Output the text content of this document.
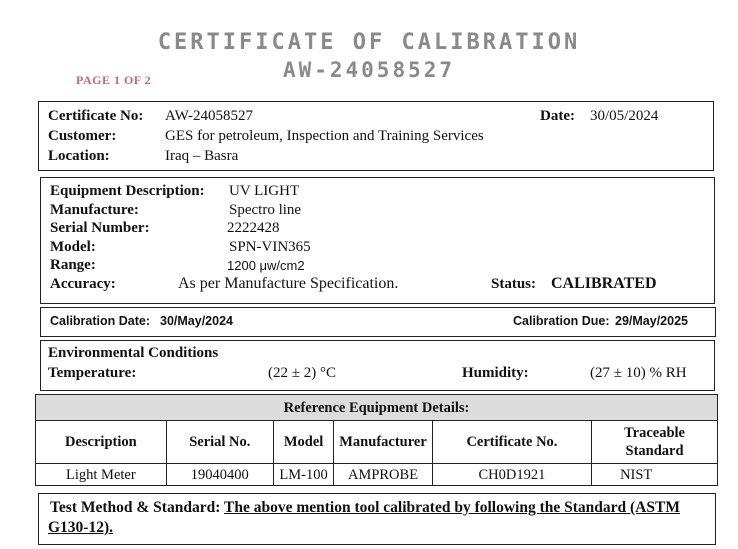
CERTIFICATE OF CALIBRATION
AW-24058527
PAGE 1 OF 2
Certificate No: AW-24058527	Date: 30/05/2024
Customer:	GES for petroleum, Inspection and Training Services
Location:	Iraq – Basra
Equipment Description: UV LIGHT
Manufacture:	Spectro line
Serial Number:	2222428
Model:	SPN-VIN365
Range:	1200 μw/cm2
Accuracy:	As per Manufacture Specification.	Status: CALIBRATED
Calibration Date: 30/May/2024	Calibration Due: 29/May/2025
Environmental Conditions
Temperature:	(22 ± 2) °C	Humidity:	(27 ± 10) % RH
Reference Equipment Details:					
Description	Serial No.	Model	Manufacturer	Certificate No.	Traceable Standard
Light Meter	19040400	LM-100	AMPROBE	CH0D1921	NIST
Test Method & Standard: The above mention tool calibrated by following the Standard (ASTM G130-12).
